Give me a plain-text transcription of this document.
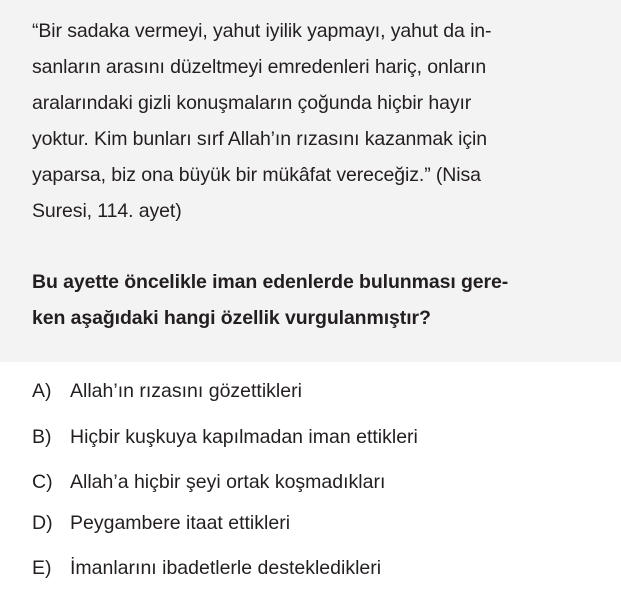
“Bir sadaka vermeyi, yahut iyilik yapmayı, yahut da in-
sanların arasını düzeltmeyi emredenleri hariç, onların
aralarındaki gizli konuşmaların çoğunda hiçbir hayır
yoktur. Kim bunları sırf Allah’ın rızasını kazanmak için
yaparsa, biz ona büyük bir mükâfat vereceğiz.” (Nisa
Suresi, 114. ayet)
Bu ayette öncelikle iman edenlerde bulunması gere-
ken aşağıdaki hangi özellik vurgulanmıştır?
A) Allah’ın rızasını gözettikleri
B) Hiçbir kuşkuya kapılmadan iman ettikleri
C) Allah’a hiçbir şeyi ortak koşmadıkları
D) Peygambere itaat ettikleri
E) İmanlarını ibadetlerle destekledikleri
